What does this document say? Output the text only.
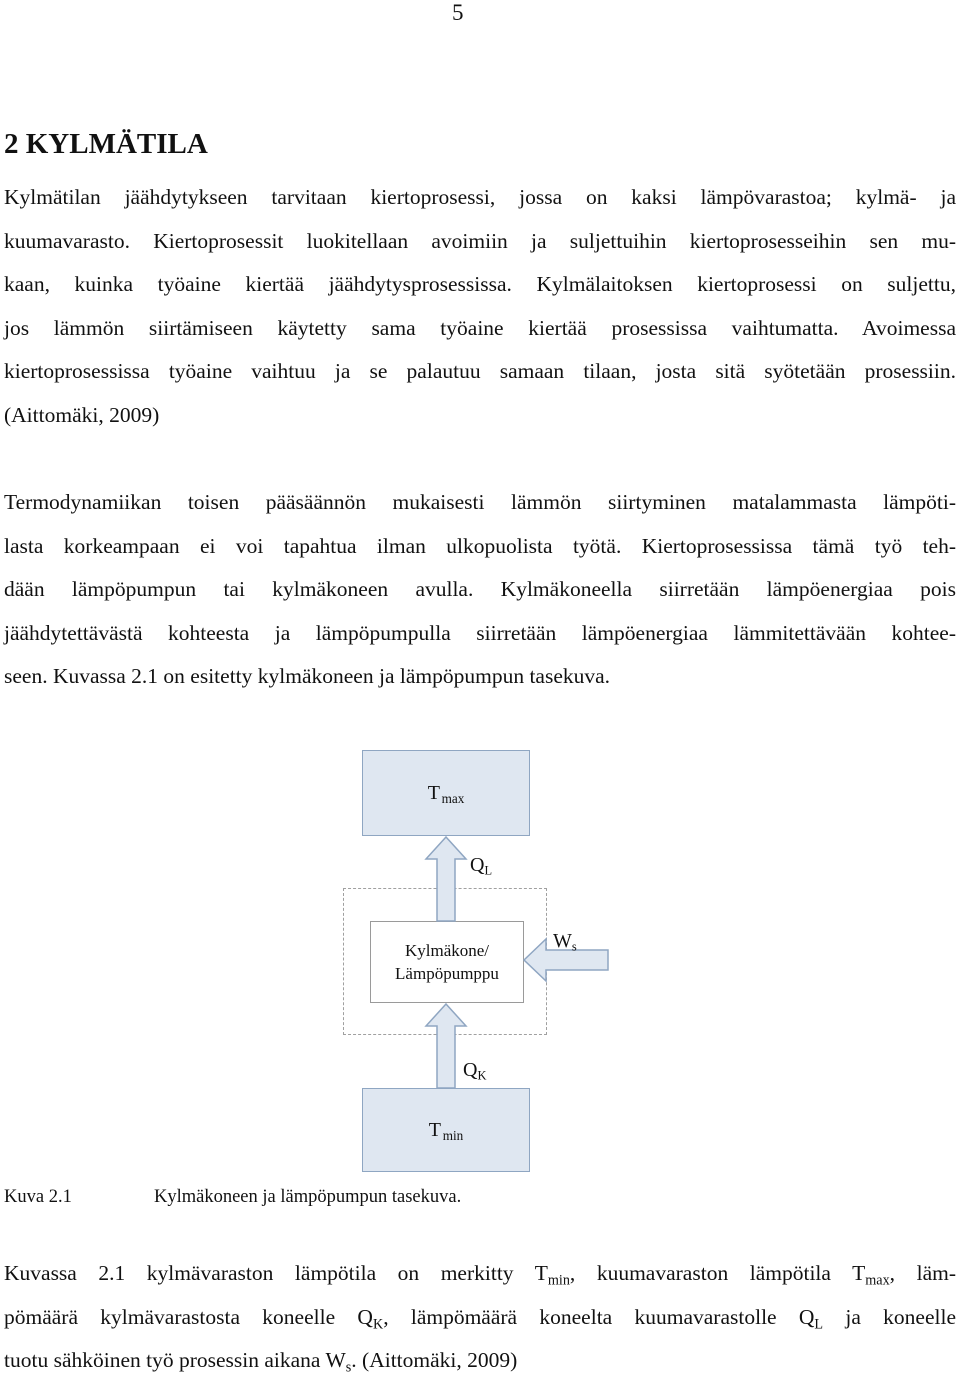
5
2 KYLMÄTILA

Kylmätilan jäähdytykseen tarvitaan kiertoprosessi, jossa on kaksi lämpövarastoa; kylmä- ja
kuumavarasto. Kiertoprosessit luokitellaan avoimiin ja suljettuihin kiertoprosesseihin sen mu-
kaan, kuinka työaine kiertää jäähdytysprosessissa. Kylmälaitoksen kiertoprosessi on suljettu,
jos lämmön siirtämiseen käytetty sama työaine kiertää prosessissa vaihtumatta. Avoimessa
kiertoprosessissa työaine vaihtuu ja se palautuu samaan tilaan, josta sitä syötetään prosessiin.
(Aittomäki, 2009)

Termodynamiikan toisen pääsäännön mukaisesti lämmön siirtyminen matalammasta lämpöti-
lasta korkeampaan ei voi tapahtua ilman ulkopuolista työtä. Kiertoprosessissa tämä työ teh-
dään lämpöpumpun tai kylmäkoneen avulla. Kylmäkoneella siirretään lämpöenergiaa pois
jäähdytettävästä kohteesta ja lämpöpumpulla siirretään lämpöenergiaa lämmitettävään kohtee-
seen. Kuvassa 2.1 on esitetty kylmäkoneen ja lämpöpumpun tasekuva.

T  $_{max}$
Kylmäkone/
Lämpöpumppu
T  $_{min}$
$Q_L$
$Q_K$
$W_s$
Kuva 2.1	Kylmäkoneen ja lämpöpumpun tasekuva.

Kuvassa 2.1 kylmävaraston lämpötila on merkitty $T_{min}$, kuumavaraston lämpötila $T_{max}$, läm-
pömäärä kylmävarastosta koneelle $Q_K$, lämpömäärä koneelta kuumavarastolle $Q_L$ ja koneelle
tuotu sähköinen työ prosessin aikana $W_s$. (Aittomäki, 2009)
